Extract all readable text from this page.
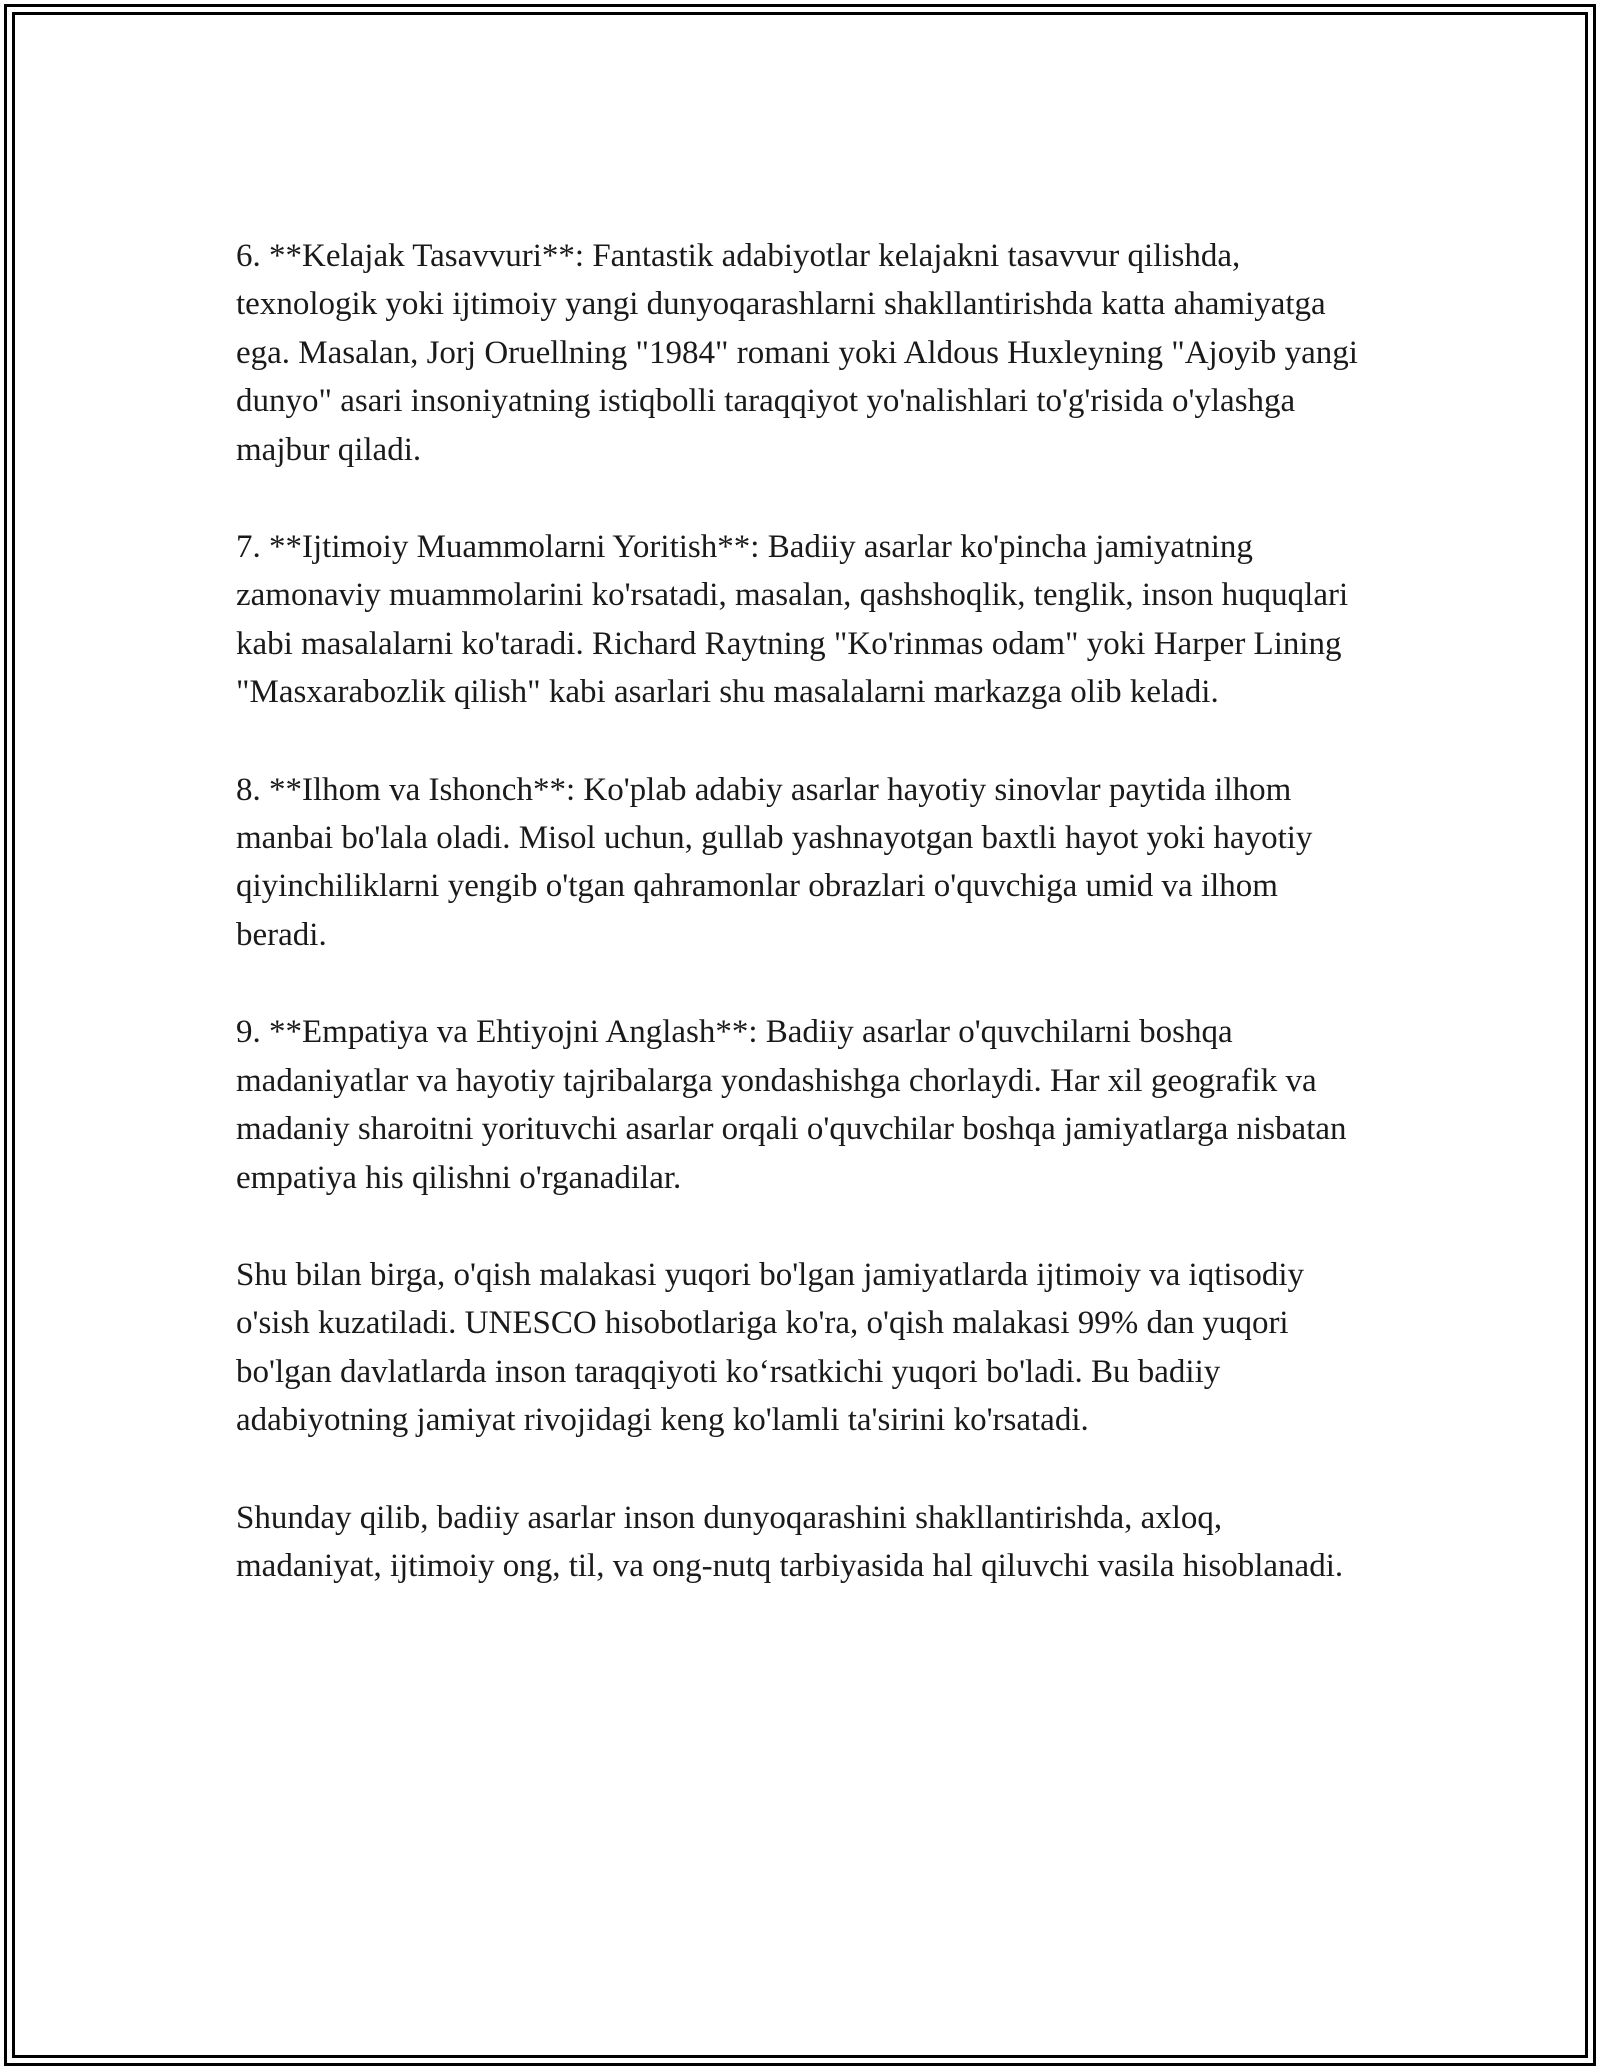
6. **Kelajak Tasavvuri**: Fantastik adabiyotlar kelajakni tasavvur qilishda, texnologik yoki ijtimoiy yangi dunyoqarashlarni shakllantirishda katta ahamiyatga ega. Masalan, Jorj Oruellning "1984" romani yoki Aldous Huxleyning "Ajoyib yangi dunyo" asari insoniyatning istiqbolli taraqqiyot yo'nalishlari to'g'risida o'ylashga majbur qiladi.

7. **Ijtimoiy Muammolarni Yoritish**: Badiiy asarlar ko'pincha jamiyatning zamonaviy muammolarini ko'rsatadi, masalan, qashshoqlik, tenglik, inson huquqlari kabi masalalarni ko'taradi. Richard Raytning "Ko'rinmas odam" yoki Harper Lining "Masxarabozlik qilish" kabi asarlari shu masalalarni markazga olib keladi.

8. **Ilhom va Ishonch**: Ko'plab adabiy asarlar hayotiy sinovlar paytida ilhom manbai bo'lala oladi. Misol uchun, gullab yashnayotgan baxtli hayot yoki hayotiy qiyinchiliklarni yengib o'tgan qahramonlar obrazlari o'quvchiga umid va ilhom beradi.

9. **Empatiya va Ehtiyojni Anglash**: Badiiy asarlar o'quvchilarni boshqa madaniyatlar va hayotiy tajribalarga yondashishga chorlaydi. Har xil geografik va madaniy sharoitni yorituvchi asarlar orqali o'quvchilar boshqa jamiyatlarga nisbatan empatiya his qilishni o'rganadilar.

Shu bilan birga, o'qish malakasi yuqori bo'lgan jamiyatlarda ijtimoiy va iqtisodiy o'sish kuzatiladi. UNESCO hisobotlariga ko'ra, o'qish malakasi 99% dan yuqori bo'lgan davlatlarda inson taraqqiyoti ko‘rsatkichi yuqori bo'ladi. Bu badiiy adabiyotning jamiyat rivojidagi keng ko'lamli ta'sirini ko'rsatadi.

Shunday qilib, badiiy asarlar inson dunyoqarashini shakllantirishda, axloq, madaniyat, ijtimoiy ong, til, va ong-nutq tarbiyasida hal qiluvchi vasila hisoblanadi.
